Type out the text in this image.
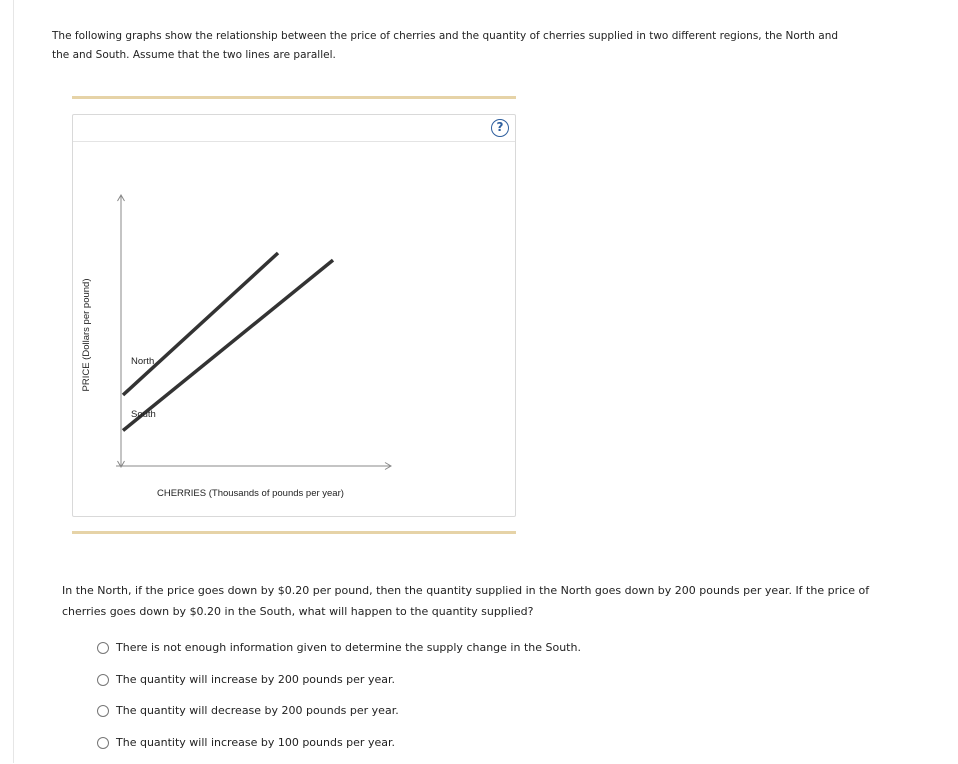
The following graphs show the relationship between the price of cherries and the quantity of cherries supplied in two different regions, the North and

the and South. Assume that the two lines are parallel.

?
North
South
CHERRIES (Thousands of pounds per year)
PRICE (Dollars per pound)

In the North, if the price goes down by $0.20 per pound, then the quantity supplied in the North goes down by 200 pounds per year. If the price of

cherries goes down by $0.20 in the South, what will happen to the quantity supplied?

There is not enough information given to determine the supply change in the South.
The quantity will increase by 200 pounds per year.
The quantity will decrease by 200 pounds per year.
The quantity will increase by 100 pounds per year.
